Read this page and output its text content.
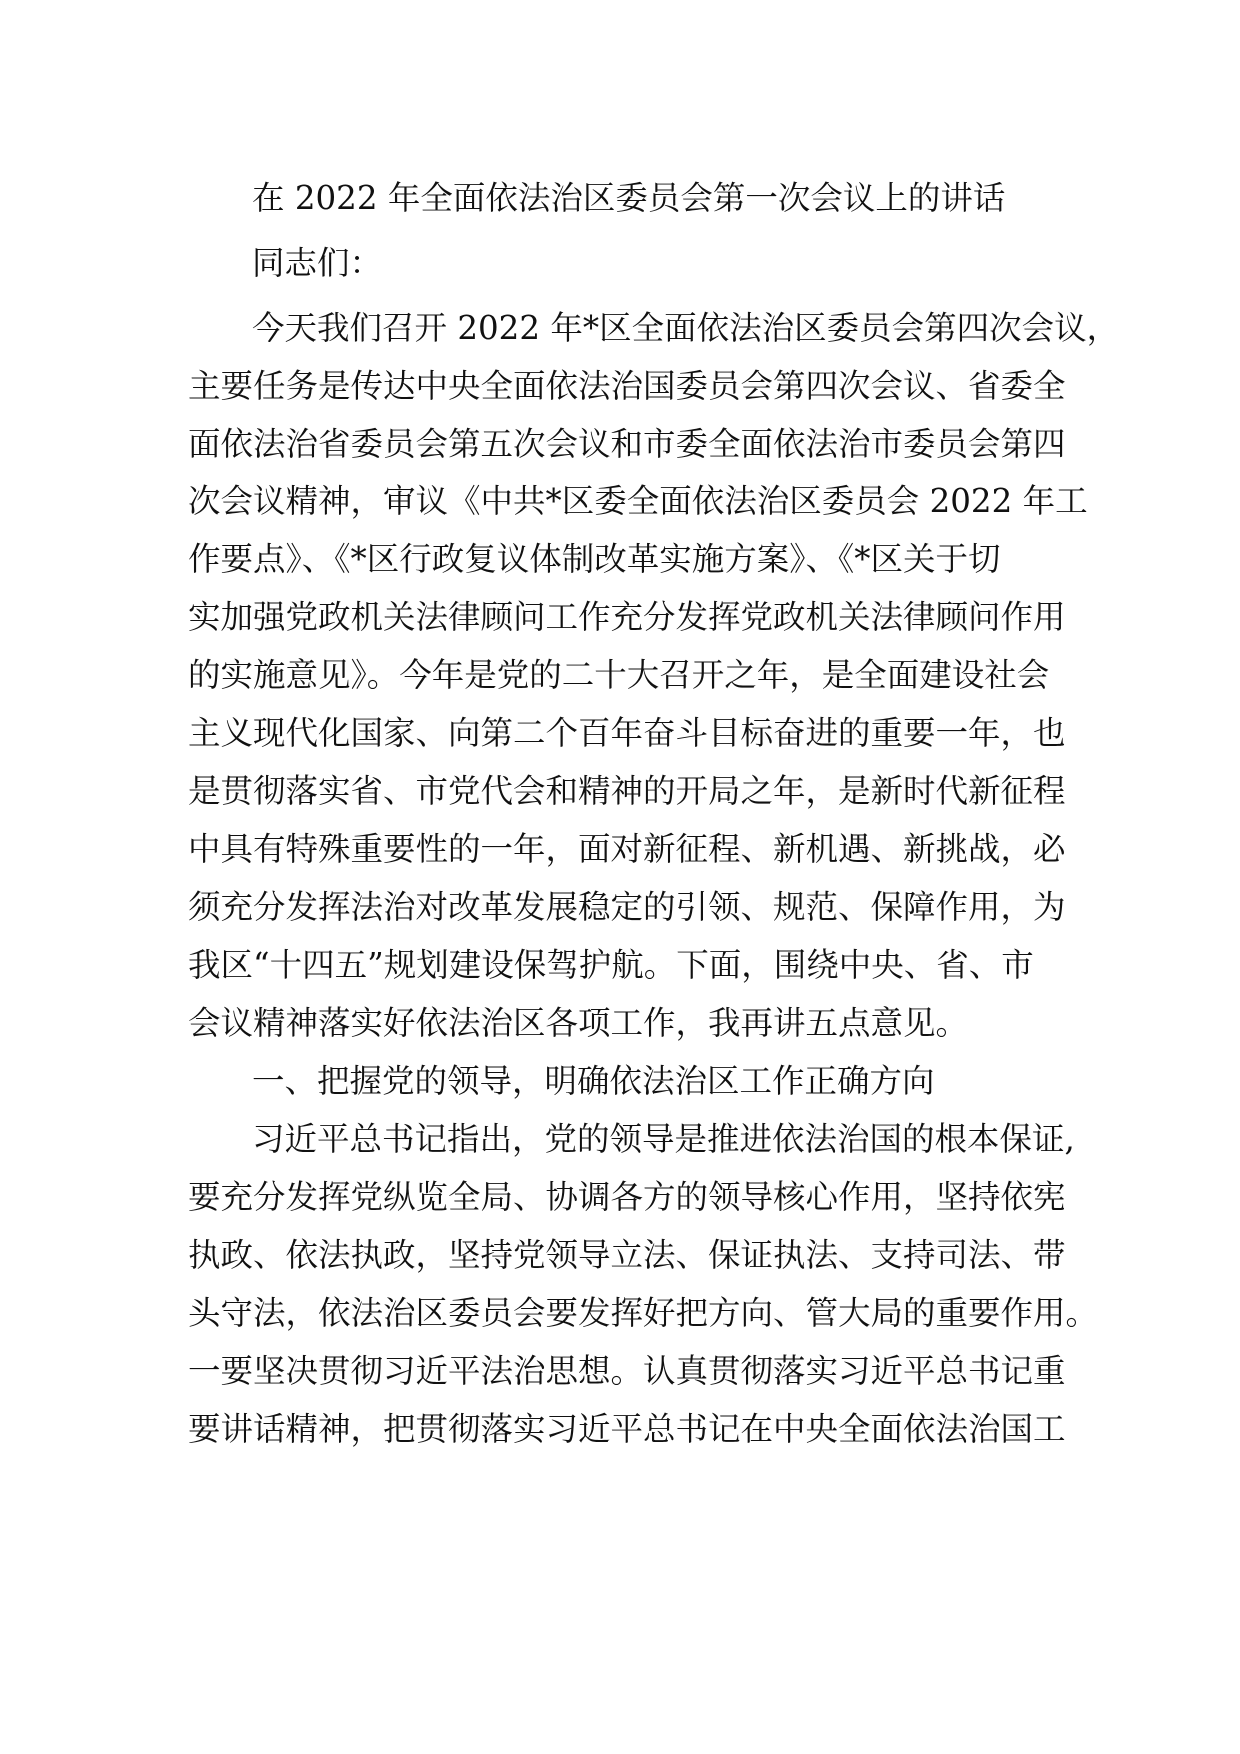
在 2022 年全面依法治区委员会第一次会议上的讲话
同志们：
今天我们召开 2022 年*区全面依法治区委员会第四次会议，
主要任务是传达中央全面依法治国委员会第四次会议、省委全
面依法治省委员会第五次会议和市委全面依法治市委员会第四
次会议精神，审议《中共*区委全面依法治区委员会 2022 年工
作要点》、《*区行政复议体制改革实施方案》、《*区关于切
实加强党政机关法律顾问工作充分发挥党政机关法律顾问作用
的实施意见》。今年是党的二十大召开之年，是全面建设社会
主义现代化国家、向第二个百年奋斗目标奋进的重要一年，也
是贯彻落实省、市党代会和精神的开局之年，是新时代新征程
中具有特殊重要性的一年，面对新征程、新机遇、新挑战，必
须充分发挥法治对改革发展稳定的引领、规范、保障作用，为
我区“十四五”规划建设保驾护航。下面，围绕中央、省、市
会议精神落实好依法治区各项工作，我再讲五点意见。
一、把握党的领导，明确依法治区工作正确方向
习近平总书记指出，党的领导是推进依法治国的根本保证,
要充分发挥党纵览全局、协调各方的领导核心作用，坚持依宪
执政、依法执政，坚持党领导立法、保证执法、支持司法、带
头守法，依法治区委员会要发挥好把方向、管大局的重要作用。
一要坚决贯彻习近平法治思想。认真贯彻落实习近平总书记重
要讲话精神，把贯彻落实习近平总书记在中央全面依法治国工
